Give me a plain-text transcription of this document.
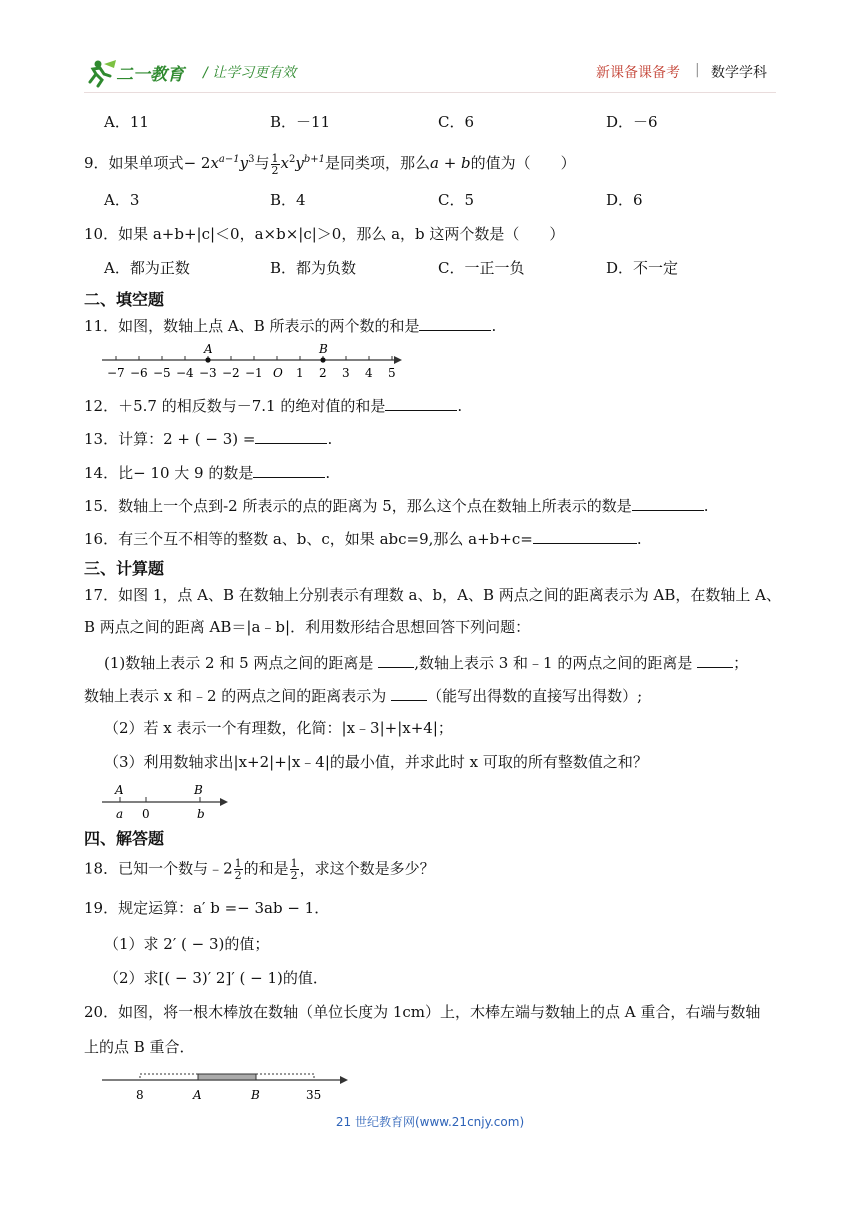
二一教育 / 让学习更有效	新课备课备考 | 数学学科
A．11	B．－11	C．6	D．－6
9．如果单项式− $2x^{a-1}y^3$与 $\frac{1}{2} x^2y^{b+1}$是同类项，那么a + b的值为（　　）
A．3	B．4	C．5	D．6
10．如果 a+b+|c|＜0，a×b×|c|＞0，那么 a，b 这两个数是（　　）
A．都为正数	B．都为负数	C．一正一负	D．不一定
二、填空题
11．如图，数轴上点 A、B 所表示的两个数的和是	.
−7 −6 −5 −4 −3 −2 −1 O 1 2 3 4 5
A	B
12．＋5.7 的相反数与－7.1 的绝对值的和是	.
13．计算：2 + ( − 3) =	.
14．比− 10 大 9 的数是	.
15．数轴上一个点到-2 所表示的点的距离为 5，那么这个点在数轴上所表示的数是	.
16．有三个互不相等的整数 a、b、c，如果 abc=9,那么 a+b+c=	.
三、计算题
17．如图 1，点 A、B 在数轴上分别表示有理数 a、b，A、B 两点之间的距离表示为 AB，在数轴上 A、
B 两点之间的距离 AB＝|a﹣b|．利用数形结合思想回答下列问题：
(1)数轴上表示 2 和 5 两点之间的距离是	,数轴上表示 3 和﹣1 的两点之间的距离是	；
数轴上表示 x 和﹣2 的两点之间的距离表示为	（能写出得数的直接写出得数）;
（2）若 x 表示一个有理数，化简：|x﹣3|+|x+4|；
（3）利用数轴求出|x+2|+|x﹣4|的最小值，并求此时 x 可取的所有整数值之和？
A	B
a 0	b
四、解答题
18．已知一个数与﹣2 $\frac{1}{2}$ 的和是 $\frac{1}{2}$ ，求这个数是多少？
19．规定运算：a′ b =− 3ab − 1．
（1）求 2′ ( − 3)的值；
（2）求[( − 3)′ 2]′ ( − 1)的值．
20．如图，将一根木棒放在数轴（单位长度为 1cm）上，木棒左端与数轴上的点 A 重合，右端与数轴
上的点 B 重合．
8	A	B	35
21 世纪教育网(www.21cnjy.com)
